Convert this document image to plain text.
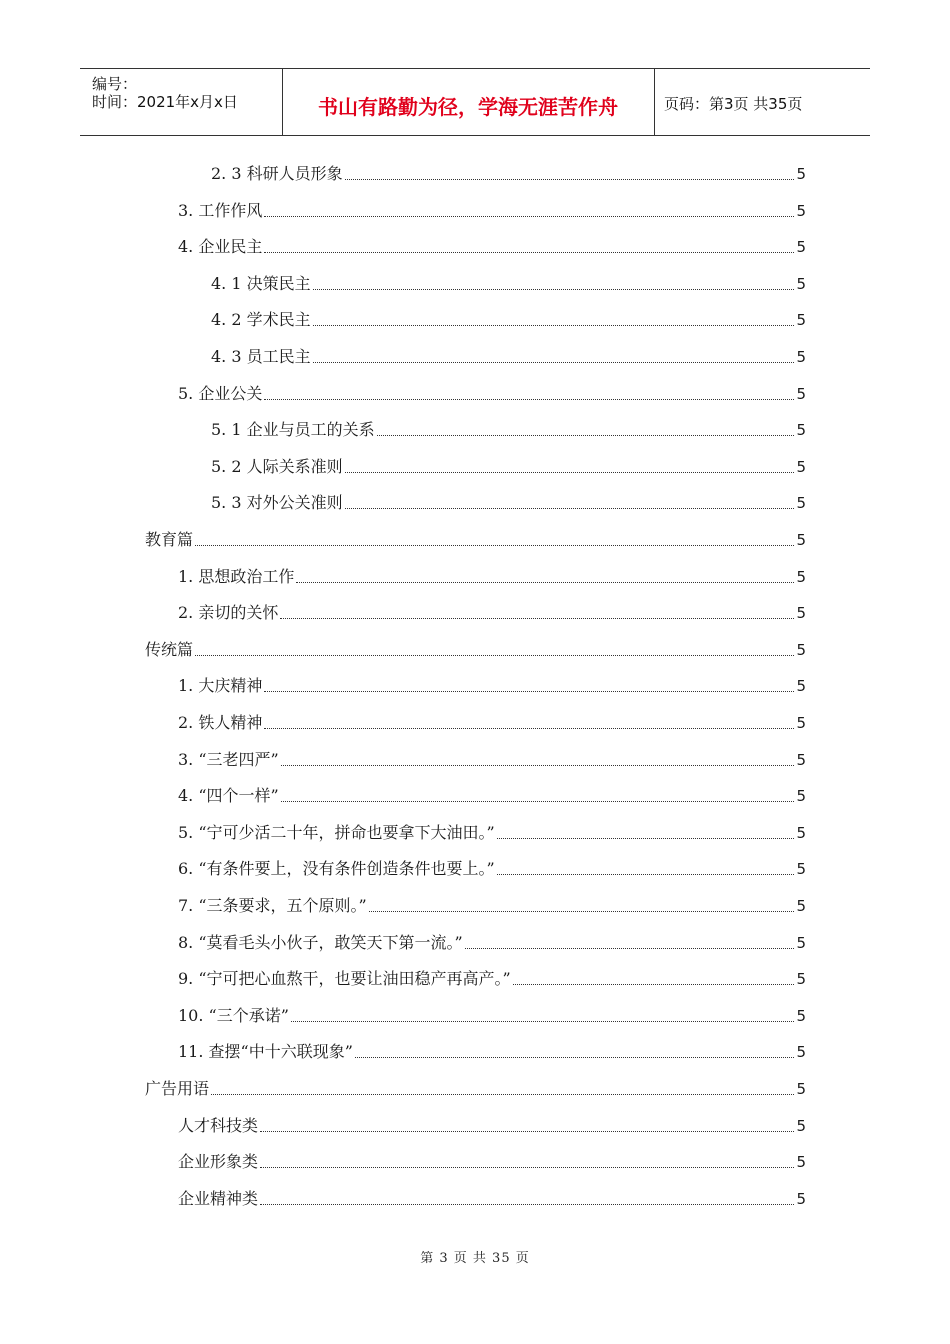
编号：
时间：2021年x月x日	书山有路勤为径，学海无涯苦作舟	页码：第3页 共35页
2. 3 科研人员形象	5
3. 工作作风	5
4. 企业民主	5
4. 1 决策民主	5
4. 2 学术民主	5
4. 3 员工民主	5
5. 企业公关	5
5. 1 企业与员工的关系	5
5. 2 人际关系准则	5
5. 3 对外公关准则	5
教育篇	5
1. 思想政治工作	5
2. 亲切的关怀	5
传统篇	5
1. 大庆精神	5
2. 铁人精神	5
3. “三老四严”	5
4. “四个一样”	5
5. “宁可少活二十年，拼命也要拿下大油田。”	5
6. “有条件要上，没有条件创造条件也要上。”	5
7. “三条要求，五个原则。”	5
8. “莫看毛头小伙子，敢笑天下第一流。”	5
9. “宁可把心血熬干，也要让油田稳产再高产。”	5
10. “三个承诺”	5
11. 查摆“中十六联现象”	5
广告用语	5
人才科技类	5
企业形象类	5
企业精神类	5
第 3 页 共 35 页
